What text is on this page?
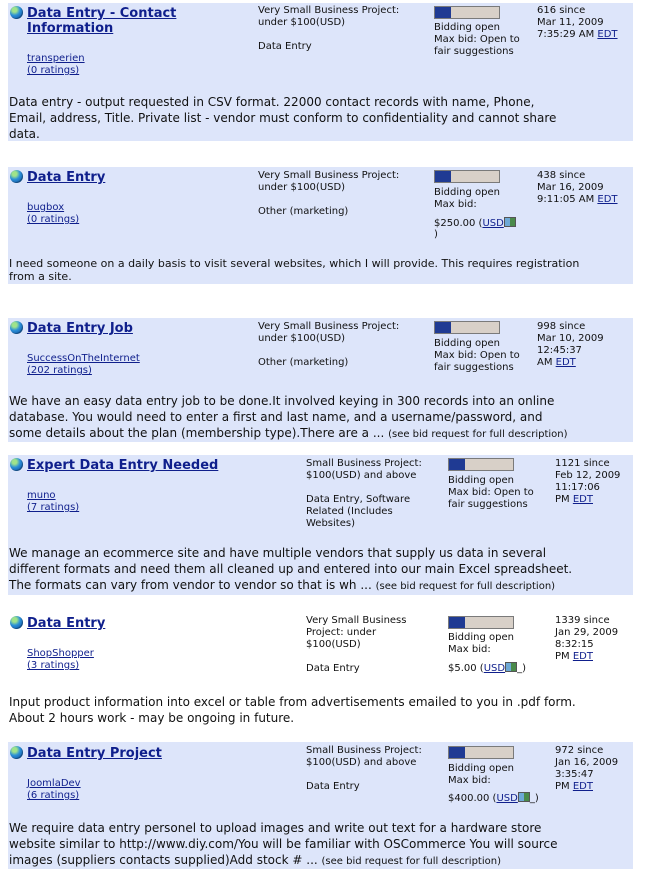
Data Entry - Contact
Information
transperien
(0 ratings)
Very Small Business Project:
under $100(USD)
Data Entry
Bidding open
Max bid: Open to
fair suggestions
616 since
Mar 11, 2009
7:35:29 AM EDT
Data entry - output requested in CSV format. 22000 contact records with name, Phone,
Email, address, Title. Private list - vendor must conform to confidentiality and cannot share
data.
Data Entry
bugbox
(0 ratings)
Very Small Business Project:
under $100(USD)
Other (marketing)
Bidding open
Max bid:
$250.00 (USD
)
438 since
Mar 16, 2009
9:11:05 AM EDT
I need someone on a daily basis to visit several websites, which I will provide. This requires registration
from a site.
Data Entry Job
SuccessOnTheInternet
(202 ratings)
Very Small Business Project:
under $100(USD)
Other (marketing)
Bidding open
Max bid: Open to
fair suggestions
998 since
Mar 10, 2009
12:45:37
AM EDT
We have an easy data entry job to be done.It involved keying in 300 records into an online
database. You would need to enter a first and last name, and a username/password, and
some details about the plan (membership type).There are a ... (see bid request for full description)
Expert Data Entry Needed
muno
(7 ratings)
Small Business Project:
$100(USD) and above
Data Entry, Software
Related (Includes
Websites)
Bidding open
Max bid: Open to
fair suggestions
1121 since
Feb 12, 2009
11:17:06
PM EDT
We manage an ecommerce site and have multiple vendors that supply us data in several
different formats and need them all cleaned up and entered into our main Excel spreadsheet.
The formats can vary from vendor to vendor so that is wh ... (see bid request for full description)
Data Entry
ShopShopper
(3 ratings)
Very Small Business
Project: under
$100(USD)
Data Entry
Bidding open
Max bid:
$5.00 (USD _)
1339 since
Jan 29, 2009
8:32:15
PM EDT
Input product information into excel or table from advertisements emailed to you in .pdf form.
About 2 hours work - may be ongoing in future.
Data Entry Project
JoomlaDev
(6 ratings)
Small Business Project:
$100(USD) and above
Data Entry
Bidding open
Max bid:
$400.00 (USD _)
972 since
Jan 16, 2009
3:35:47
PM EDT
We require data entry personel to upload images and write out text for a hardware store
website similar to http://www.diy.com/You will be familiar with OSCommerce You will source
images (suppliers contacts supplied)Add stock # ... (see bid request for full description)
